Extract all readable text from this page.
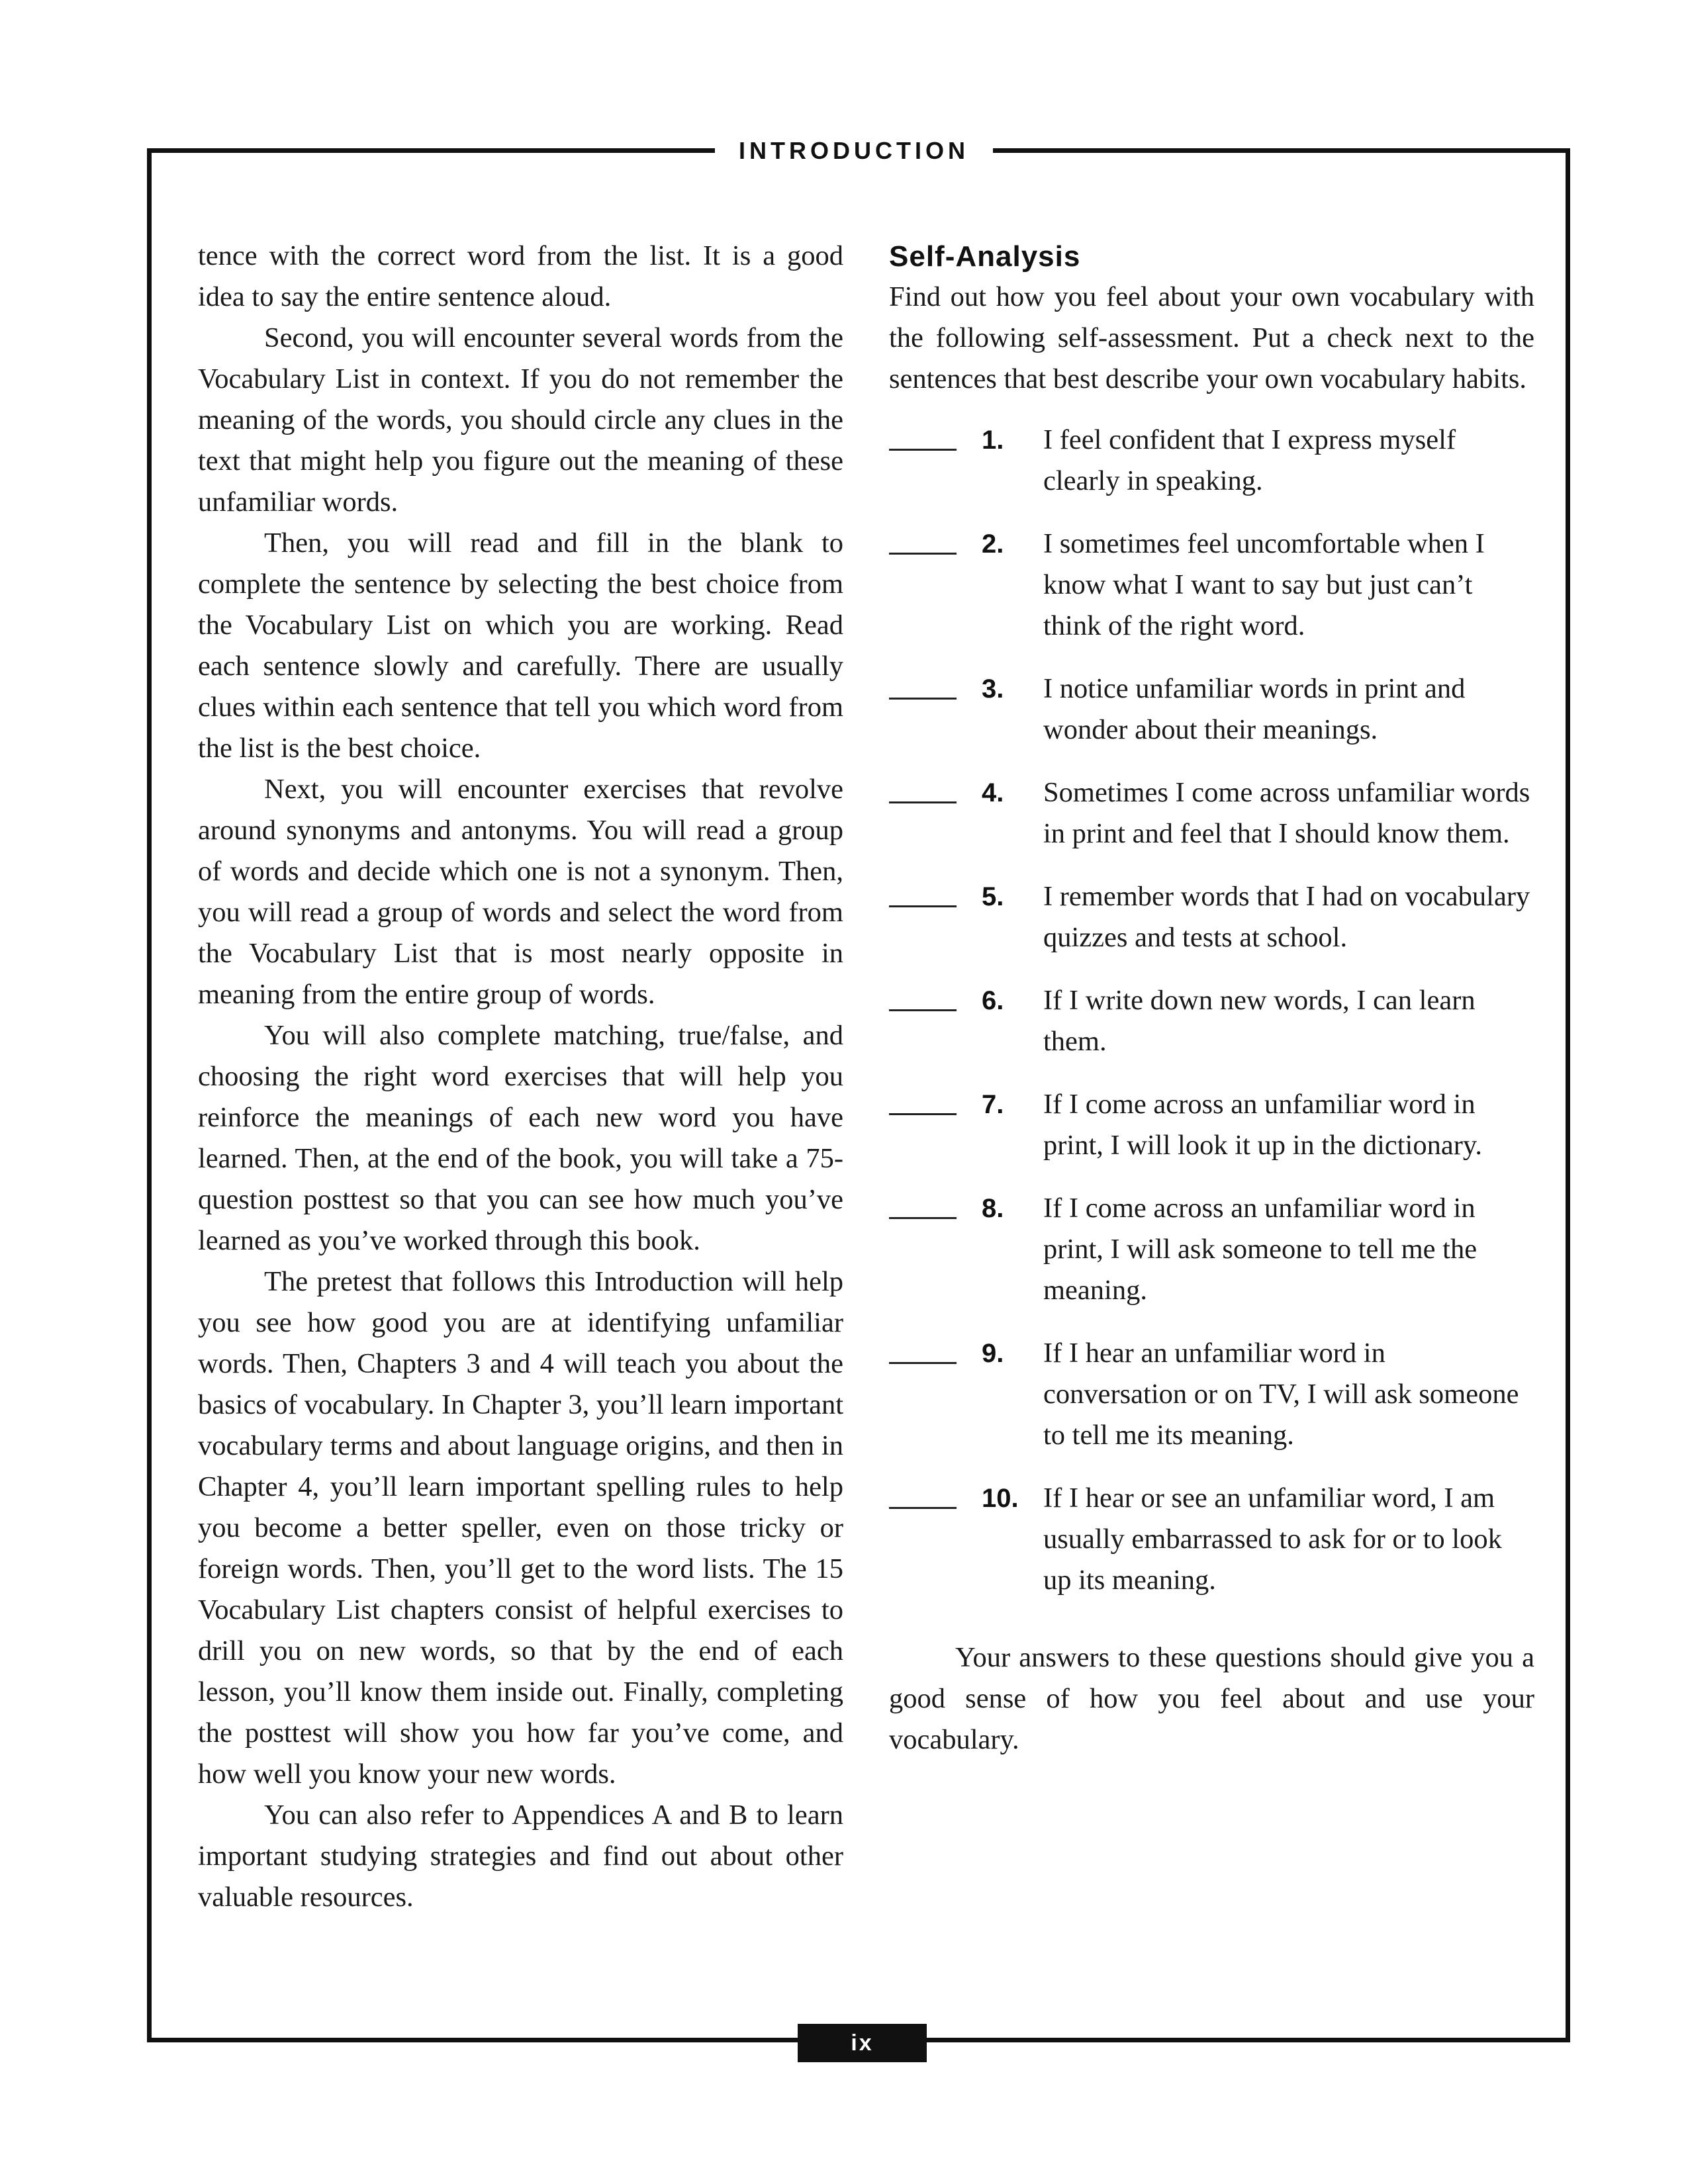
INTRODUCTION

tence with the correct word from the list. It is a good idea to say the entire sentence aloud.

Second, you will encounter several words from the Vocabulary List in context. If you do not remember the meaning of the words, you should circle any clues in the text that might help you figure out the meaning of these unfamiliar words.

Then, you will read and fill in the blank to complete the sentence by selecting the best choice from the Vocabulary List on which you are working. Read each sentence slowly and carefully. There are usually clues within each sentence that tell you which word from the list is the best choice.

Next, you will encounter exercises that revolve around synonyms and antonyms. You will read a group of words and decide which one is not a synonym. Then, you will read a group of words and select the word from the Vocabulary List that is most nearly opposite in meaning from the entire group of words.

You will also complete matching, true/false, and choosing the right word exercises that will help you reinforce the meanings of each new word you have learned. Then, at the end of the book, you will take a 75-question posttest so that you can see how much you’ve learned as you’ve worked through this book.

The pretest that follows this Introduction will help you see how good you are at identifying unfamiliar words. Then, Chapters 3 and 4 will teach you about the basics of vocabulary. In Chapter 3, you’ll learn important vocabulary terms and about language origins, and then in Chapter 4, you’ll learn important spelling rules to help you become a better speller, even on those tricky or foreign words. Then, you’ll get to the word lists. The 15 Vocabulary List chapters consist of helpful exercises to drill you on new words, so that by the end of each lesson, you’ll know them inside out. Finally, completing the posttest will show you how far you’ve come, and how well you know your new words.

You can also refer to Appendices A and B to learn important studying strategies and find out about other valuable resources.

Self-Analysis

Find out how you feel about your own vocabulary with the following self-assessment. Put a check next to the sentences that best describe your own vocabulary habits.

1. I feel confident that I express myself clearly in speaking.
2. I sometimes feel uncomfortable when I know what I want to say but just can’t think of the right word.
3. I notice unfamiliar words in print and wonder about their meanings.
4. Sometimes I come across unfamiliar words in print and feel that I should know them.
5. I remember words that I had on vocabulary quizzes and tests at school.
6. If I write down new words, I can learn them.
7. If I come across an unfamiliar word in print, I will look it up in the dictionary.
8. If I come across an unfamiliar word in print, I will ask someone to tell me the meaning.
9. If I hear an unfamiliar word in conversation or on TV, I will ask someone to tell me its meaning.
10. If I hear or see an unfamiliar word, I am usually embarrassed to ask for or to look up its meaning.

Your answers to these questions should give you a good sense of how you feel about and use your vocabulary.

ix
